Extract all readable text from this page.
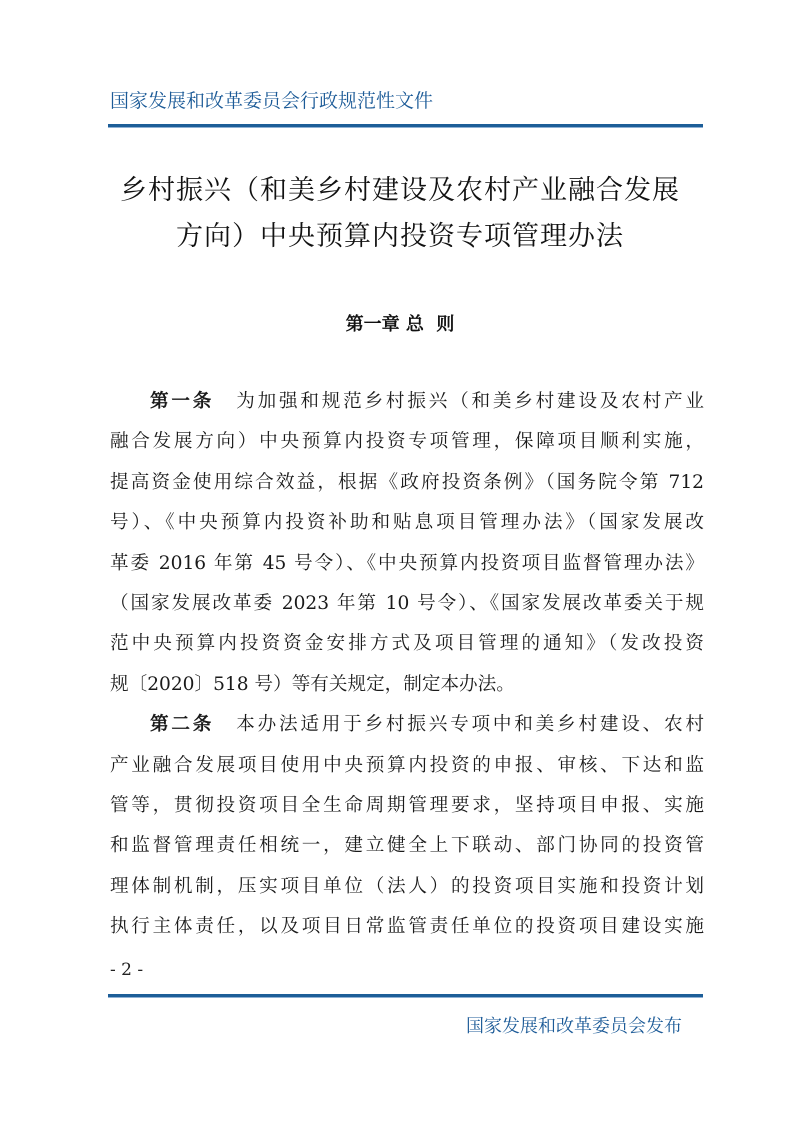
国家发展和改革委员会行政规范性文件
乡村振兴（和美乡村建设及农村产业融合发展
方向）中央预算内投资专项管理办法
第一章 总  则
第一条 为加强和规范乡村振兴（和美乡村建设及农村产业
融合发展方向）中央预算内投资专项管理，保障项目顺利实施，
提高资金使用综合效益，根据《政府投资条例》（国务院令第 712
号）、《中央预算内投资补助和贴息项目管理办法》（国家发展改
革委 2016 年第 45 号令）、《中央预算内投资项目监督管理办法》
（国家发展改革委 2023 年第 10 号令）、《国家发展改革委关于规
范中央预算内投资资金安排方式及项目管理的通知》（发改投资
规〔2020〕518 号）等有关规定，制定本办法。
第二条 本办法适用于乡村振兴专项中和美乡村建设、农村
产业融合发展项目使用中央预算内投资的申报、审核、下达和监
管等，贯彻投资项目全生命周期管理要求，坚持项目申报、实施
和监督管理责任相统一，建立健全上下联动、部门协同的投资管
理体制机制，压实项目单位（法人）的投资项目实施和投资计划
执行主体责任，以及项目日常监管责任单位的投资项目建设实施
- 2 -
国家发展和改革委员会发布
